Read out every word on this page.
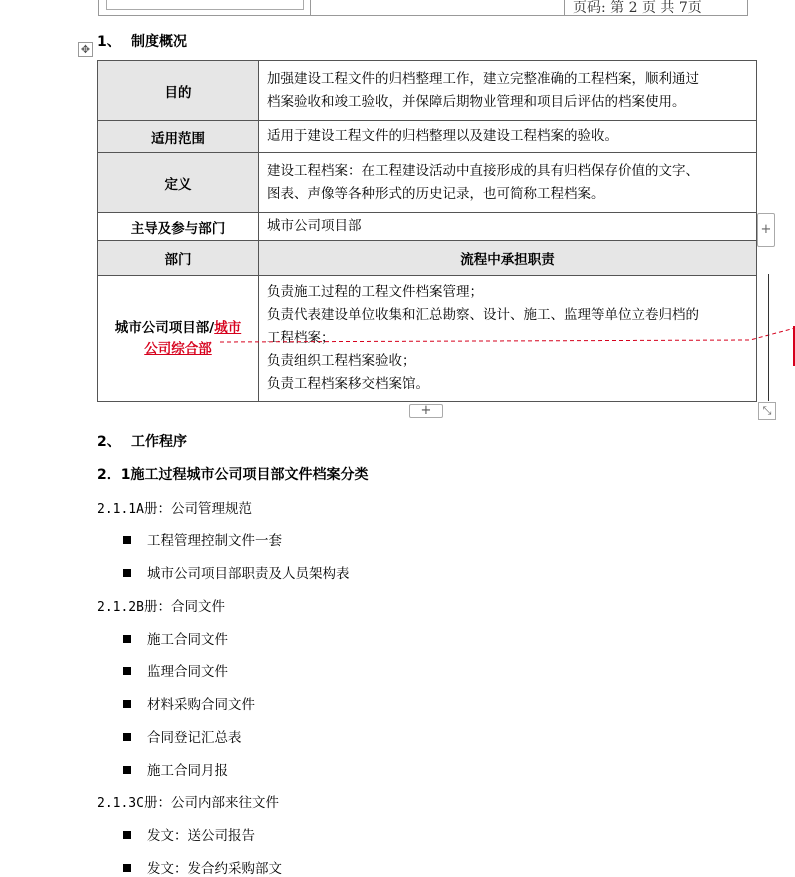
页码: 第 2 页 共 7页
✥ 1、 制度概况
目的	加强建设工程文件的归档整理工作，建立完整准确的工程档案，顺利通过
档案验收和竣工验收，并保障后期物业管理和项目后评估的档案使用。
适用范围	适用于建设工程文件的归档整理以及建设工程档案的验收。
定义	建设工程档案：在工程建设活动中直接形成的具有归档保存价值的文字、
图表、声像等各种形式的历史记录，也可简称工程档案。
主导及参与部门	城市公司项目部
部门	流程中承担职责
城市公司项目部/城市
公司综合部	负责施工过程的工程文件档案管理；
负责代表建设单位收集和汇总勘察、设计、施工、监理等单位立卷归档的
工程档案；
负责组织工程档案验收；
负责工程档案移交档案馆。
+
+	⤡
2、 工作程序
2．1施工过程城市公司项目部文件档案分类
2.1.1A册：公司管理规范
工程管理控制文件一套
城市公司项目部职责及人员架构表
2.1.2B册：合同文件
施工合同文件
监理合同文件
材料采购合同文件
合同登记汇总表
施工合同月报
2.1.3C册：公司内部来往文件
发文：送公司报告
发文：发合约采购部文
